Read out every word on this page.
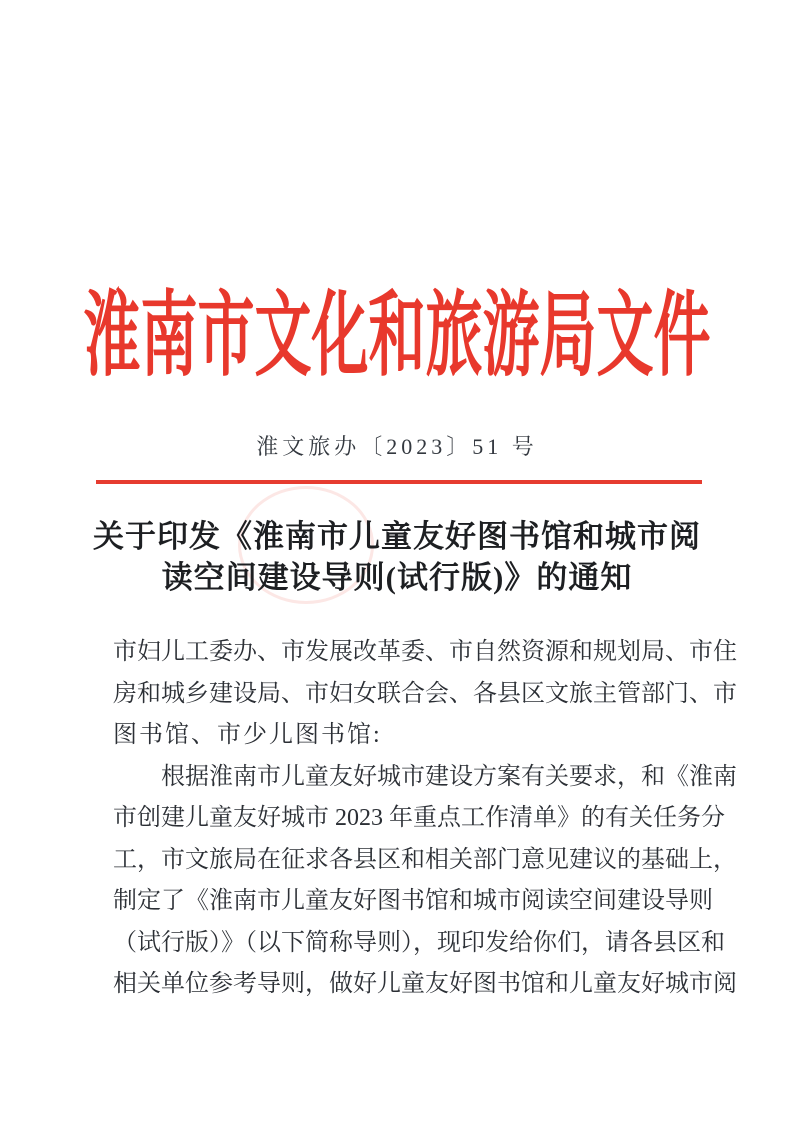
淮南市文化和旅游局文件
淮文旅办〔2023〕51 号
关于印发《淮南市儿童友好图书馆和城市阅
读空间建设导则(试行版)》的通知
市妇儿工委办、市发展改革委、市自然资源和规划局、市住
房和城乡建设局、市妇女联合会、各县区文旅主管部门、市
图书馆、市少儿图书馆:
根据淮南市儿童友好城市建设方案有关要求，和《淮南
市创建儿童友好城市 2023 年重点工作清单》的有关任务分
工，市文旅局在征求各县区和相关部门意见建议的基础上，
制定了《淮南市儿童友好图书馆和城市阅读空间建设导则
（试行版）》（以下简称导则），现印发给你们，请各县区和
相关单位参考导则，做好儿童友好图书馆和儿童友好城市阅
